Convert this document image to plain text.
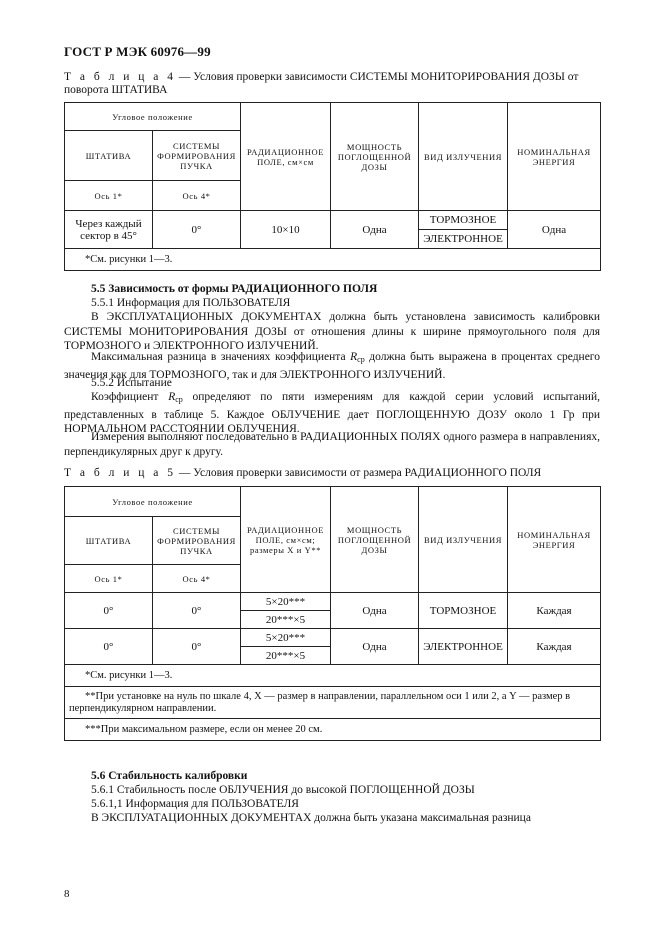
ГОСТ Р МЭК 60976—99
Т а б л и ц а 4 — Условия проверки зависимости СИСТЕМЫ МОНИТОРИРОВАНИЯ ДОЗЫ от поворота ШТАТИВА
Угловое положение		РАДИАЦИОННОЕ ПОЛЕ, см×см	МОЩНОСТЬ ПОГЛОЩЕННОЙ ДОЗЫ	ВИД ИЗЛУЧЕНИЯ	НОМИНАЛЬНАЯ ЭНЕРГИЯ
ШТАТИВА	СИСТЕМЫ ФОРМИРОВАНИЯ ПУЧКА				
Ось 1*	Ось 4*				
Через каждый сектор в 45°	0°	10×10	Одна	ТОРМОЗНОЕ	Одна
				ЭЛЕКТРОННОЕ	
*См. рисунки 1—3.					
5.5 Зависимость от формы РАДИАЦИОННОГО ПОЛЯ
5.5.1 Информация для ПОЛЬЗОВАТЕЛЯ
В ЭКСПЛУАТАЦИОННЫХ ДОКУМЕНТАХ должна быть установлена зависимость калибровки СИСТЕМЫ МОНИТОРИРОВАНИЯ ДОЗЫ от отношения длины к ширине прямоугольного поля для ТОРМОЗНОГО и ЭЛЕКТРОННОГО ИЗЛУЧЕНИЙ.
Максимальная разница в значениях коэффициента $R_{ср}$ должна быть выражена в процентах среднего значения как для ТОРМОЗНОГО, так и для ЭЛЕКТРОННОГО ИЗЛУЧЕНИЙ.
5.5.2 Испытание
Коэффициент $R_{ср}$ определяют по пяти измерениям для каждой серии условий испытаний, представленных в таблице 5. Каждое ОБЛУЧЕНИЕ дает ПОГЛОЩЕННУЮ ДОЗУ около 1 Гр при НОРМАЛЬНОМ РАССТОЯНИИ ОБЛУЧЕНИЯ.
Измерения выполняют последовательно в РАДИАЦИОННЫХ ПОЛЯХ одного размера в направлениях, перпендикулярных друг к другу.
Т а б л и ц а 5 — Условия проверки зависимости от размера РАДИАЦИОННОГО ПОЛЯ
Угловое положение		РАДИАЦИОННОЕ ПОЛЕ, см×см; размеры X и Y**	МОЩНОСТЬ ПОГЛОЩЕННОЙ ДОЗЫ	ВИД ИЗЛУЧЕНИЯ	НОМИНАЛЬНАЯ ЭНЕРГИЯ
ШТАТИВА	СИСТЕМЫ ФОРМИРОВАНИЯ ПУЧКА				
Ось 1*	Ось 4*				
0°	0°	5×20***	Одна	ТОРМОЗНОЕ	Каждая
		20***×5			
0°	0°	5×20***	Одна	ЭЛЕКТРОННОЕ	Каждая
		20***×5			
*См. рисунки 1—3.					
**При установке на нуль по шкале 4, X — размер в направлении, параллельном оси 1 или 2, а Y — размер в перпендикулярном направлении.					
***При максимальном размере, если он менее 20 см.					
5.6 Стабильность калибровки
5.6.1 Стабильность после ОБЛУЧЕНИЯ до высокой ПОГЛОЩЕННОЙ ДОЗЫ
5.6.1,1 Информация для ПОЛЬЗОВАТЕЛЯ
В ЭКСПЛУАТАЦИОННЫХ ДОКУМЕНТАХ должна быть указана максимальная разница
8
